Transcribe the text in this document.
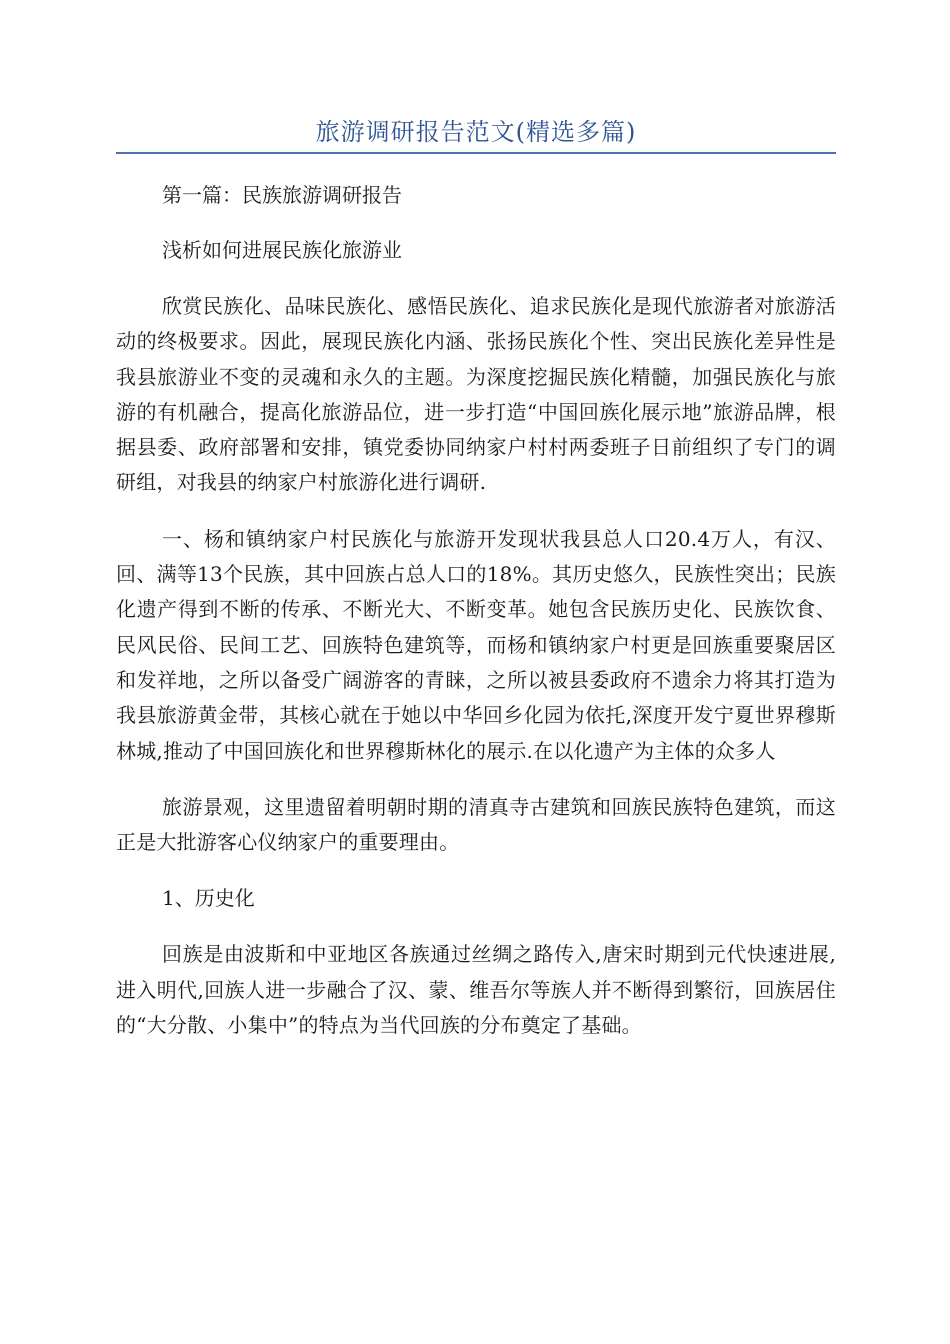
旅游调研报告范文(精选多篇)

第一篇：民族旅游调研报告

浅析如何进展民族化旅游业

欣赏民族化、品味民族化、感悟民族化、追求民族化是现代旅游者对旅游活动的终极要求。因此，展现民族化内涵、张扬民族化个性、突出民族化差异性是我县旅游业不变的灵魂和永久的主题。为深度挖掘民族化精髓，加强民族化与旅游的有机融合，提高化旅游品位，进一步打造“中国回族化展示地”旅游品牌，根据县委、政府部署和安排，镇党委协同纳家户村村两委班子日前组织了专门的调研组，对我县的纳家户村旅游化进行调研.

一、杨和镇纳家户村民族化与旅游开发现状我县总人口20.4万人，有汉、回、满等13个民族，其中回族占总人口的18%。其历史悠久，民族性突出；民族化遗产得到不断的传承、不断光大、不断变革。她包含民族历史化、民族饮食、民风民俗、民间工艺、回族特色建筑等，而杨和镇纳家户村更是回族重要聚居区和发祥地，之所以备受广阔游客的青睐，之所以被县委政府不遗余力将其打造为我县旅游黄金带，其核心就在于她以中华回乡化园为依托,深度开发宁夏世界穆斯林城,推动了中国回族化和世界穆斯林化的展示.在以化遗产为主体的众多人

旅游景观，这里遗留着明朝时期的清真寺古建筑和回族民族特色建筑，而这正是大批游客心仪纳家户的重要理由。

1、历史化

回族是由波斯和中亚地区各族通过丝绸之路传入,唐宋时期到元代快速进展,进入明代,回族人进一步融合了汉、蒙、维吾尔等族人并不断得到繁衍，回族居住的“大分散、小集中”的特点为当代回族的分布奠定了基础。
